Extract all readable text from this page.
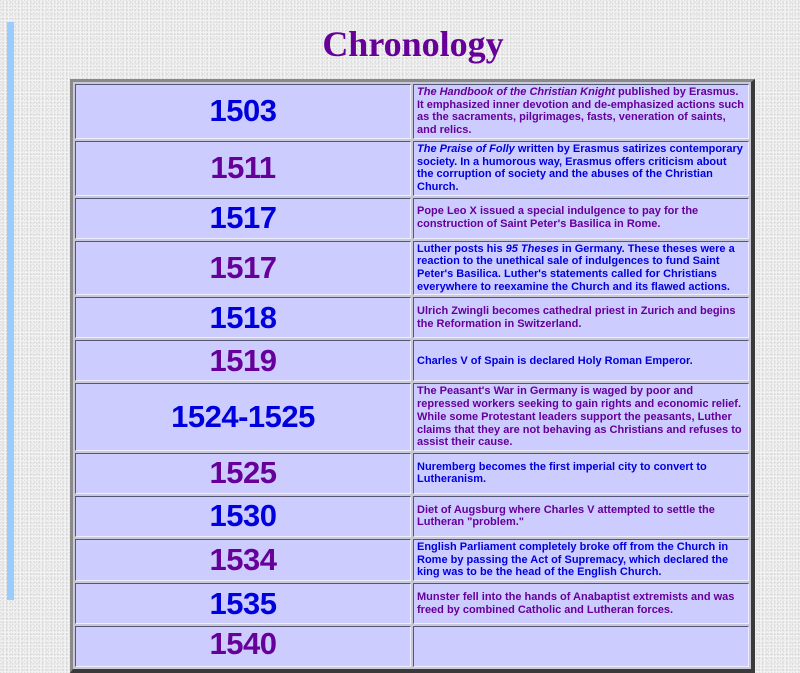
Chronology
1503	The Handbook of the Christian Knight published by Erasmus. It emphasized inner devotion and de-emphasized actions such as the sacraments, pilgrimages, fasts, veneration of saints, and relics.
1511	The Praise of Folly written by Erasmus satirizes contemporary society. In a humorous way, Erasmus offers criticism about the corruption of society and the abuses of the Christian Church.
1517	Pope Leo X issued a special indulgence to pay for the construction of Saint Peter's Basilica in Rome.
1517	Luther posts his 95 Theses in Germany. These theses were a reaction to the unethical sale of indulgences to fund Saint Peter's Basilica. Luther's statements called for Christians everywhere to reexamine the Church and its flawed actions.
1518	Ulrich Zwingli becomes cathedral priest in Zurich and begins the Reformation in Switzerland.
1519	Charles V of Spain is declared Holy Roman Emperor.
1524-1525	The Peasant's War in Germany is waged by poor and repressed workers seeking to gain rights and economic relief. While some Protestant leaders support the peasants, Luther claims that they are not behaving as Christians and refuses to assist their cause.
1525	Nuremberg becomes the first imperial city to convert to Lutheranism.
1530	Diet of Augsburg where Charles V attempted to settle the Lutheran "problem."
1534	English Parliament completely broke off from the Church in Rome by passing the Act of Supremacy, which declared the king was to be the head of the English Church.
1535	Munster fell into the hands of Anabaptist extremists and was freed by combined Catholic and Lutheran forces.
1540	
